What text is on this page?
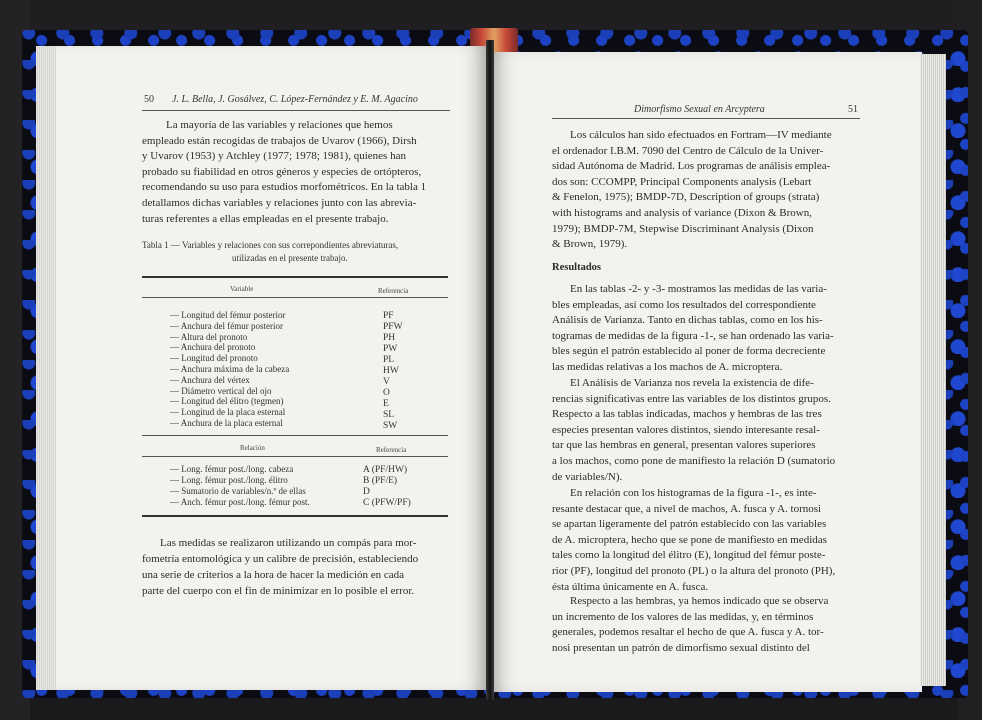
50 J. L. Bella, J. Gosálvez, C. López-Fernández y E. M. Agacino
La mayoría de las variables y relaciones que hemos
empleado están recogidas de trabajos de Uvarov (1966), Dirsh
y Uvarov (1953) y Atchley (1977; 1978; 1981), quienes han
probado su fiabilidad en otros géneros y especies de ortópteros,
recomendando su uso para estudios morfométricos. En la tabla 1
detallamos dichas variables y relaciones junto con las abrevia-
turas referentes a ellas empleadas en el presente trabajo.
Tabla 1 — Variables y relaciones con sus correpondientes abreviaturas,
utilizadas en el presente trabajo.
Variable	Referencia
— Longitud del fémur posterior	PF
— Anchura del fémur posterior	PFW
— Altura del pronoto	PH
— Anchura del pronoto	PW
— Longitud del pronoto	PL
— Anchura máxima de la cabeza	HW
— Anchura del vértex	V
— Diámetro vertical del ojo	O
— Longitud del élitro (tegmen)	E
— Longitud de la placa esternal	SL
— Anchura de la placa esternal	SW
Relación	Referencia
— Long. fémur post./long. cabeza	A (PF/HW)
— Long. fémur post./long. élitro	B (PF/E)
— Sumatorio de variables/n.º de ellas	D
— Anch. fémur post./long. fémur post.	C (PFW/PF)
Las medidas se realizaron utilizando un compás para mor-
fometría entomológica y un calibre de precisión, estableciendo
una serie de criterios a la hora de hacer la medición en cada
parte del cuerpo con el fin de minimizar en lo posible el error.
Dimorfismo Sexual en Arcyptera	51
Los cálculos han sido efectuados en Fortram—IV mediante
el ordenador I.B.M. 7090 del Centro de Cálculo de la Univer-
sidad Autónoma de Madrid. Los programas de análisis emplea-
dos son: CCOMPP, Principal Components analysis (Lebart
& Fenelon, 1975); BMDP-7D, Description of groups (strata)
with histograms and analysis of variance (Dixon & Brown,
1979); BMDP-7M, Stepwise Discriminant Analysis (Dixon
& Brown, 1979).
Resultados
En las tablas -2- y -3- mostramos las medidas de las varia-
bles empleadas, así como los resultados del correspondiente
Análisis de Varianza. Tanto en dichas tablas, como en los his-
togramas de medidas de la figura -1-, se han ordenado las varia-
bles según el patrón establecido al poner de forma decreciente
las medidas relativas a los machos de A. microptera.
El Análisis de Varianza nos revela la existencia de dife-
rencias significativas entre las variables de los distintos grupos.
Respecto a las tablas indicadas, machos y hembras de las tres
especies presentan valores distintos, siendo interesante resal-
tar que las hembras en general, presentan valores superiores
a los machos, como pone de manifiesto la relación D (sumatorio
de variables/N).
En relación con los histogramas de la figura -1-, es inte-
resante destacar que, a nivel de machos, A. fusca y A. tornosi
se apartan ligeramente del patrón establecido con las variables
de A. microptera, hecho que se pone de manifiesto en medidas
tales como la longitud del élitro (E), longitud del fémur poste-
rior (PF), longitud del pronoto (PL) o la altura del pronoto (PH),
ésta última únicamente en A. fusca.
Respecto a las hembras, ya hemos indicado que se observa
un incremento de los valores de las medidas, y, en términos
generales, podemos resaltar el hecho de que A. fusca y A. tor-
nosi presentan un patrón de dimorfismo sexual distinto del
